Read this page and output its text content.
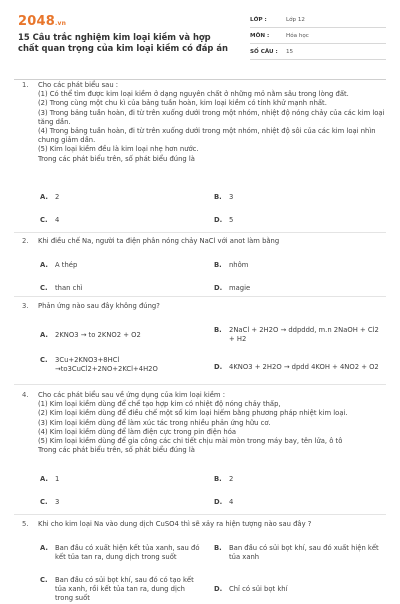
2048.vn
15 Câu trắc nghiệm kim loại kiềm và hợp chất quan trọng của kim loại kiềm có đáp án
LỚP :	Lớp 12
MÔN :	Hóa học
SỐ CÂU :	15
1. Cho các phát biểu sau :
(1) Có thể tìm được kim loại kiềm ở dạng nguyên chất ở những mỏ nằm sâu trong lòng đất.
(2) Trong cùng một chu kì của bảng tuần hoàn, kim loại kiềm có tính khử mạnh nhất.
(3) Trong bảng tuần hoàn, đi từ trên xuống dưới trong một nhóm, nhiệt độ nóng chảy của các kim loại tăng dần.
(4) Trong bảng tuần hoàn, đi từ trên xuống dưới trong một nhóm, nhiệt độ sôi của các kim loại nhìn chung giảm dần.
(5) Kim loại kiềm đều là kim loại nhẹ hơn nước.
Trong các phát biểu trên, số phát biểu đúng là
A.	2	B.	3
C.	4	D. 5
2. Khi điều chế Na, người ta điện phân nóng chảy NaCl với anot làm bằng
A.	A thép	B.	nhôm
C.	than chì	D. magie
3. Phản ứng nào sau đây không đúng?
A.	2KNO3 → to 2KNO2 + O2
B.	2NaCl + 2H2O → ddpddd, m.n 2NaOH + Cl2 + H2
C.	3Cu+2KNO3+8HCl →to3CuCl2+2NO+2KCl+4H2O	D. 4KNO3 + 2H2O → dpdd 4KOH + 4NO2 + O2
4. Cho các phát biểu sau về ứng dụng của kim loại kiềm :
(1) Kim loại kiềm dùng để chế tạo hợp kim có nhiệt độ nóng chảy thấp,
(2) Kim loại kiềm dùng để điều chế một số kim loại hiếm bằng phương pháp nhiệt kim loại.
(3) Kim loại kiềm dùng để làm xúc tác trong nhiều phản ứng hữu cơ.
(4) Kim loại kiềm dùng để làm điện cực trong pin điện hóa
(5) Kim loại kiềm dùng để gia công các chi tiết chịu mài mòn trong máy bay, tên lửa, ô tô
Trong các phát biểu trên, số phát biểu đúng là
A.	1	B.	2
C.	3	D. 4
5. Khi cho kim loại Na vào dung dịch CuSO4 thì sẽ xảy ra hiện tượng nào sau đây ?
A.	Ban đầu có xuất hiện kết tủa xanh, sau đó kết tủa tan ra, dung dịch trong suốt
B.	Ban đầu có sủi bọt khí, sau đó xuất hiện kết tủa xanh
C.	Ban đầu có sủi bọt khí, sau đó có tạo kết tủa xanh, rồi kết tủa tan ra, dung dịch trong suốt
D. Chỉ có sủi bọt khí
